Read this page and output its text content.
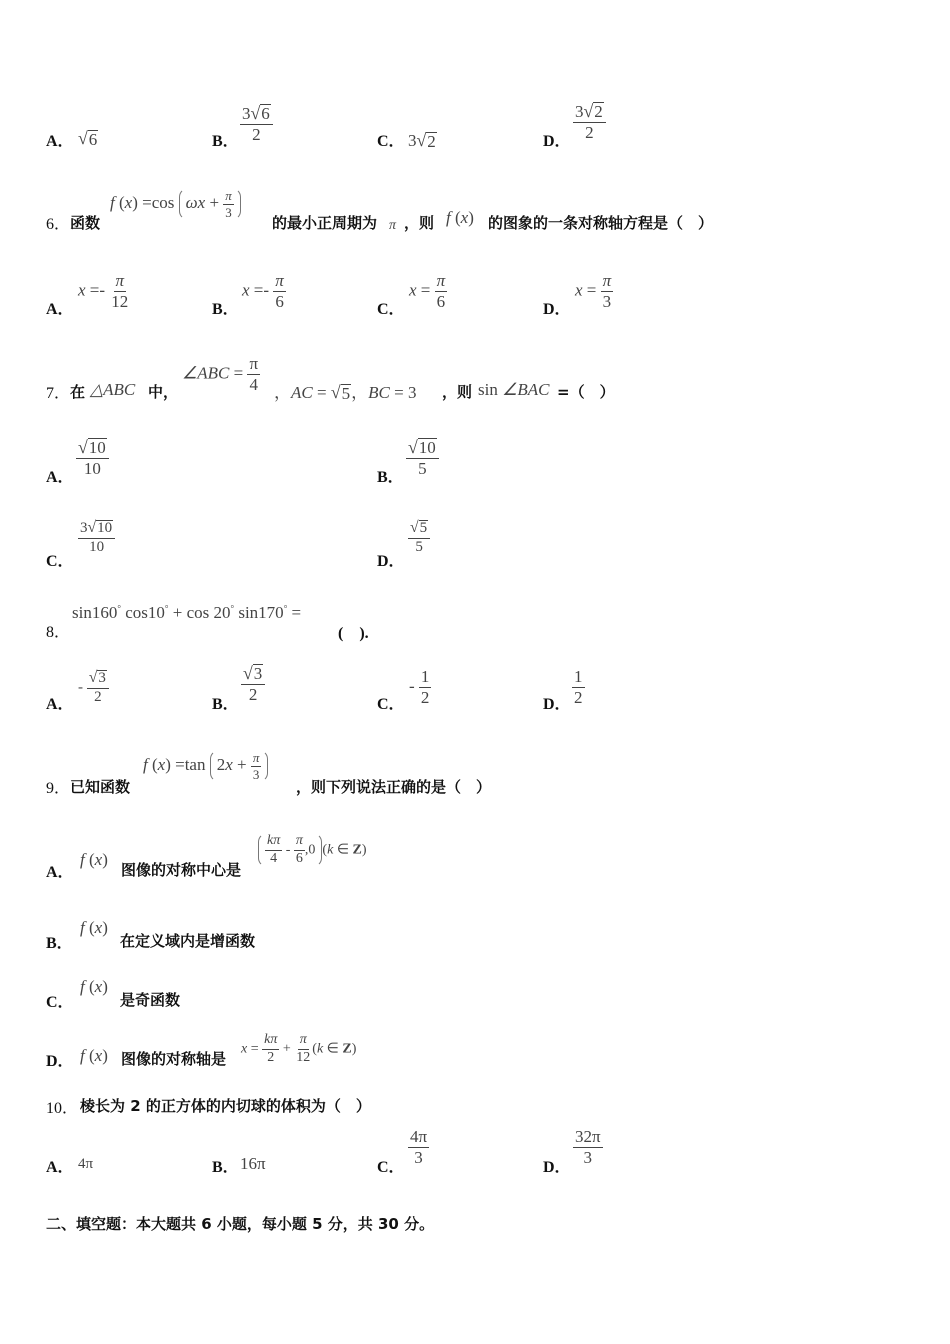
A． √ 6	B． $\frac{3 √ 6}{2}$	C． 3 √ 2	D． $\frac{3 √ 2}{2}$
6． 函数
f (x) =cos $\omega x + \frac{\pi}{3}$
的最小正周期为 π ，则 f (x) 的图象的一条对称轴方程是（　）
A．
$x =- \frac{\pi}{12}$	B．
$x =- \frac{\pi}{6}$	C．
$x = \frac{\pi}{6}$	D．
$x = \frac{\pi}{3}$
7． 在 △ABC 中，
∠ABC = $\frac{\pi}{4}$ ，AC = √ 5 ，BC = 3 ，则 sin ∠BAC =（　）
A． $\frac{√ 10}{10}$	B． $\frac{√ 10}{5}$
C．
$\frac{3 √ 10}{10}$
D．
$\frac{√ 5}{5}$
8．
sin160° cos10° + cos 20° sin170° =
(　).
A．
- $\frac{√ 3}{2}$	B．
$\frac{√ 3}{2}$
C．
- $\frac{1}{2}$	D． $\frac{1}{2}$
9． 已知函数
f (x) =tan $2x + \frac{\pi}{3}$
，则下列说法正确的是（　）
A．
f (x)
图像的对称中心是
$\frac{k\pi}{4} - \frac{\pi}{6} ,0$ (k ∈ Z)
B．
f (x)
在定义域内是增函数
C．
f (x)
是奇函数
D． f (x) 图像的对称轴是
$x = \frac{k\pi}{2} + \frac{\pi}{12} (k$ ∈ Z)
10． 棱长为 2 的正方体的内切球的体积为（　）
A． 4π	B． 16π	C．
$\frac{4\pi}{3}$
D．
$\frac{32\pi}{3}$
二、填空题：本大题共 6 小题，每小题 5 分，共 30 分。
